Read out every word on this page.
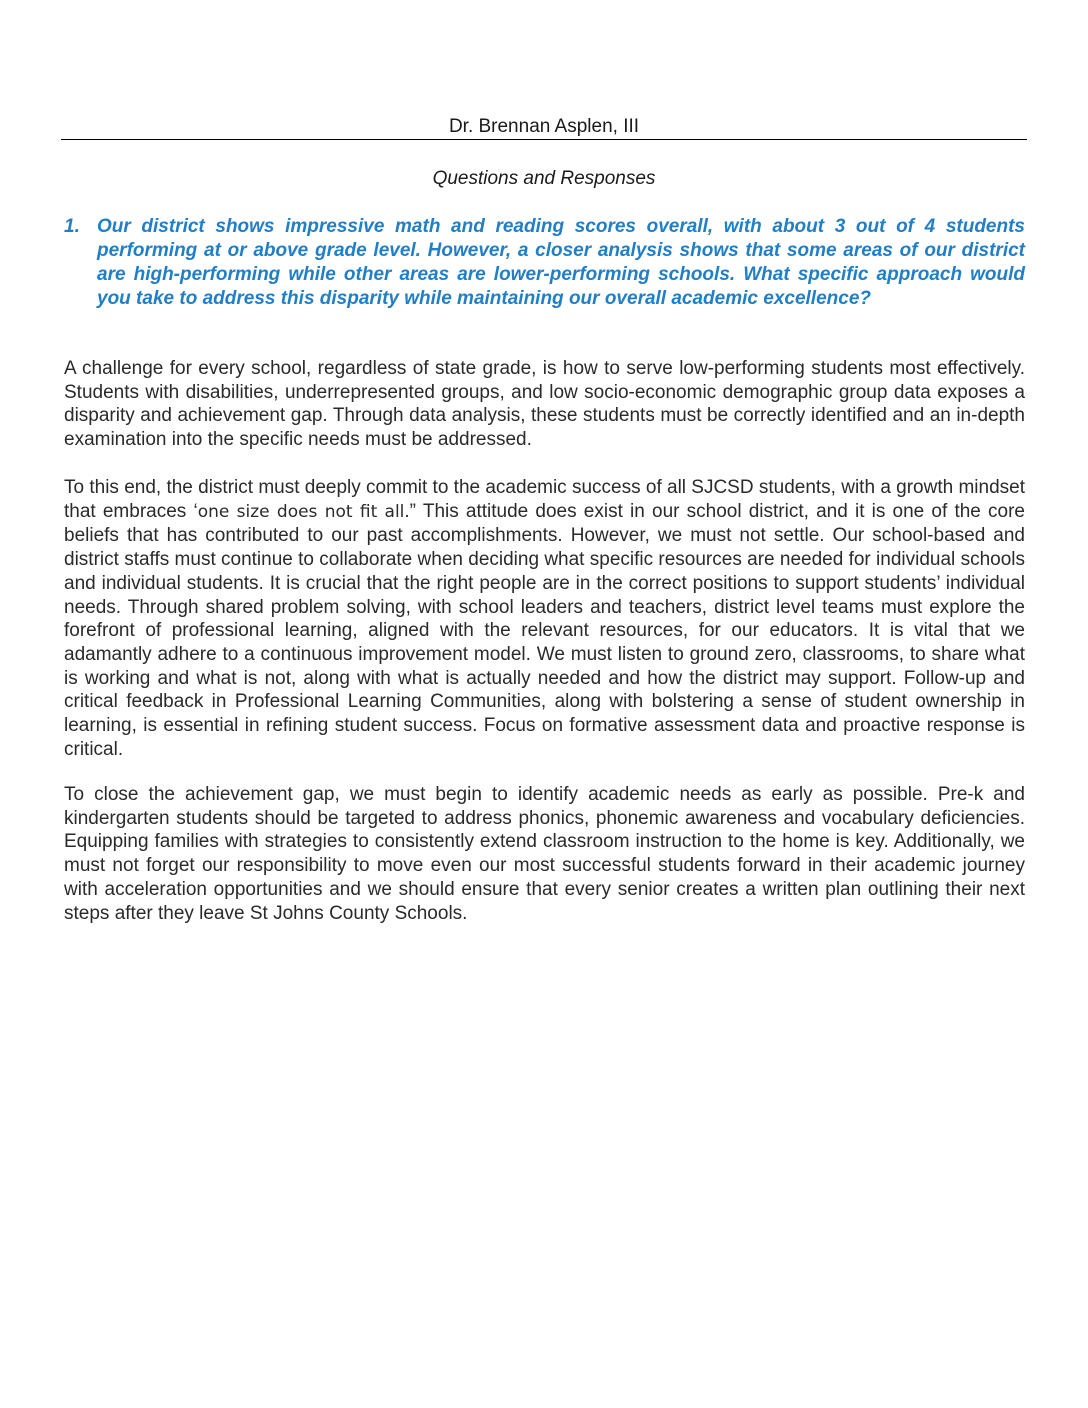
Dr. Brennan Asplen, III
Questions and Responses
1. Our district shows impressive math and reading scores overall, with about 3 out of 4 students performing at or above grade level. However, a closer analysis shows that some areas of our district are high-performing while other areas are lower-performing schools. What specific approach would you take to address this disparity while maintaining our overall academic excellence?

A challenge for every school, regardless of state grade, is how to serve low-performing students most effectively. Students with disabilities, underrepresented groups, and low socio-economic demographic group data exposes a disparity and achievement gap. Through data analysis, these students must be correctly identified and an in-depth examination into the specific needs must be addressed.

To this end, the district must deeply commit to the academic success of all SJCSD students, with a growth mindset that embraces ‘one size does not fit all.” This attitude does exist in our school district, and it is one of the core beliefs that has contributed to our past accomplishments. However, we must not settle. Our school-based and district staffs must continue to collaborate when deciding what specific resources are needed for individual schools and individual students. It is crucial that the right people are in the correct positions to support students’ individual needs. Through shared problem solving, with school leaders and teachers, district level teams must explore the forefront of professional learning, aligned with the relevant resources, for our educators. It is vital that we adamantly adhere to a continuous improvement model. We must listen to ground zero, classrooms, to share what is working and what is not, along with what is actually needed and how the district may support. Follow-up and critical feedback in Professional Learning Communities, along with bolstering a sense of student ownership in learning, is essential in refining student success. Focus on formative assessment data and proactive response is critical.

To close the achievement gap, we must begin to identify academic needs as early as possible. Pre-k and kindergarten students should be targeted to address phonics, phonemic awareness and vocabulary deficiencies. Equipping families with strategies to consistently extend classroom instruction to the home is key. Additionally, we must not forget our responsibility to move even our most successful students forward in their academic journey with acceleration opportunities and we should ensure that every senior creates a written plan outlining their next steps after they leave St Johns County Schools.
